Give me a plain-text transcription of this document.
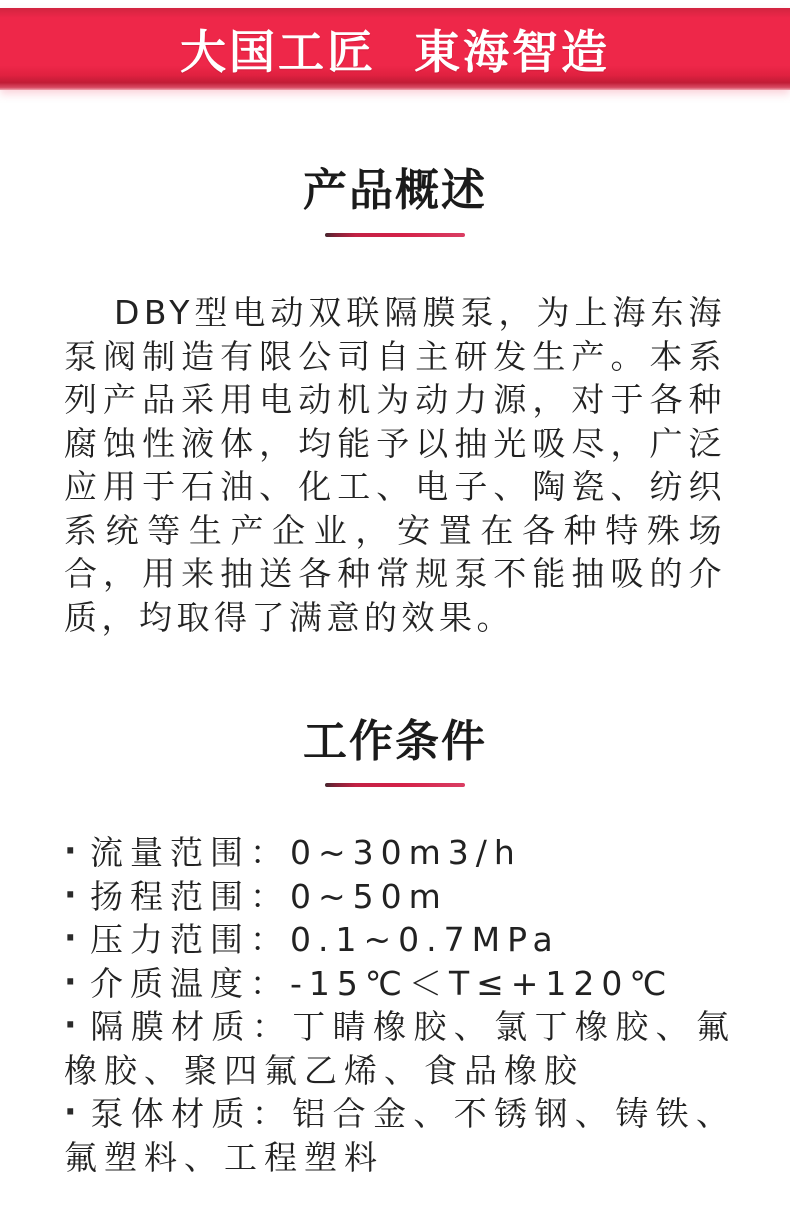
大国工匠  東海智造
产品概述

DBY型电动双联隔膜泵，为上海东海泵阀制造有限公司自主研发生产。本系列产品采用电动机为动力源，对于各种腐蚀性液体，均能予以抽光吸尽，广泛应用于石油、化工、电子、陶瓷、纺织系统等生产企业，安置在各种特殊场合，用来抽送各种常规泵不能抽吸的介质，均取得了满意的效果。

工作条件
· 流量范围：0~30m3/h
· 扬程范围：0~50m
· 压力范围：0.1~0.7MPa
· 介质温度：-15℃＜T≤+120℃
· 隔膜材质：丁睛橡胶、氯丁橡胶、氟橡胶、聚四氟乙烯、食品橡胶
· 泵体材质：铝合金、不锈钢、铸铁、氟塑料、工程塑料
